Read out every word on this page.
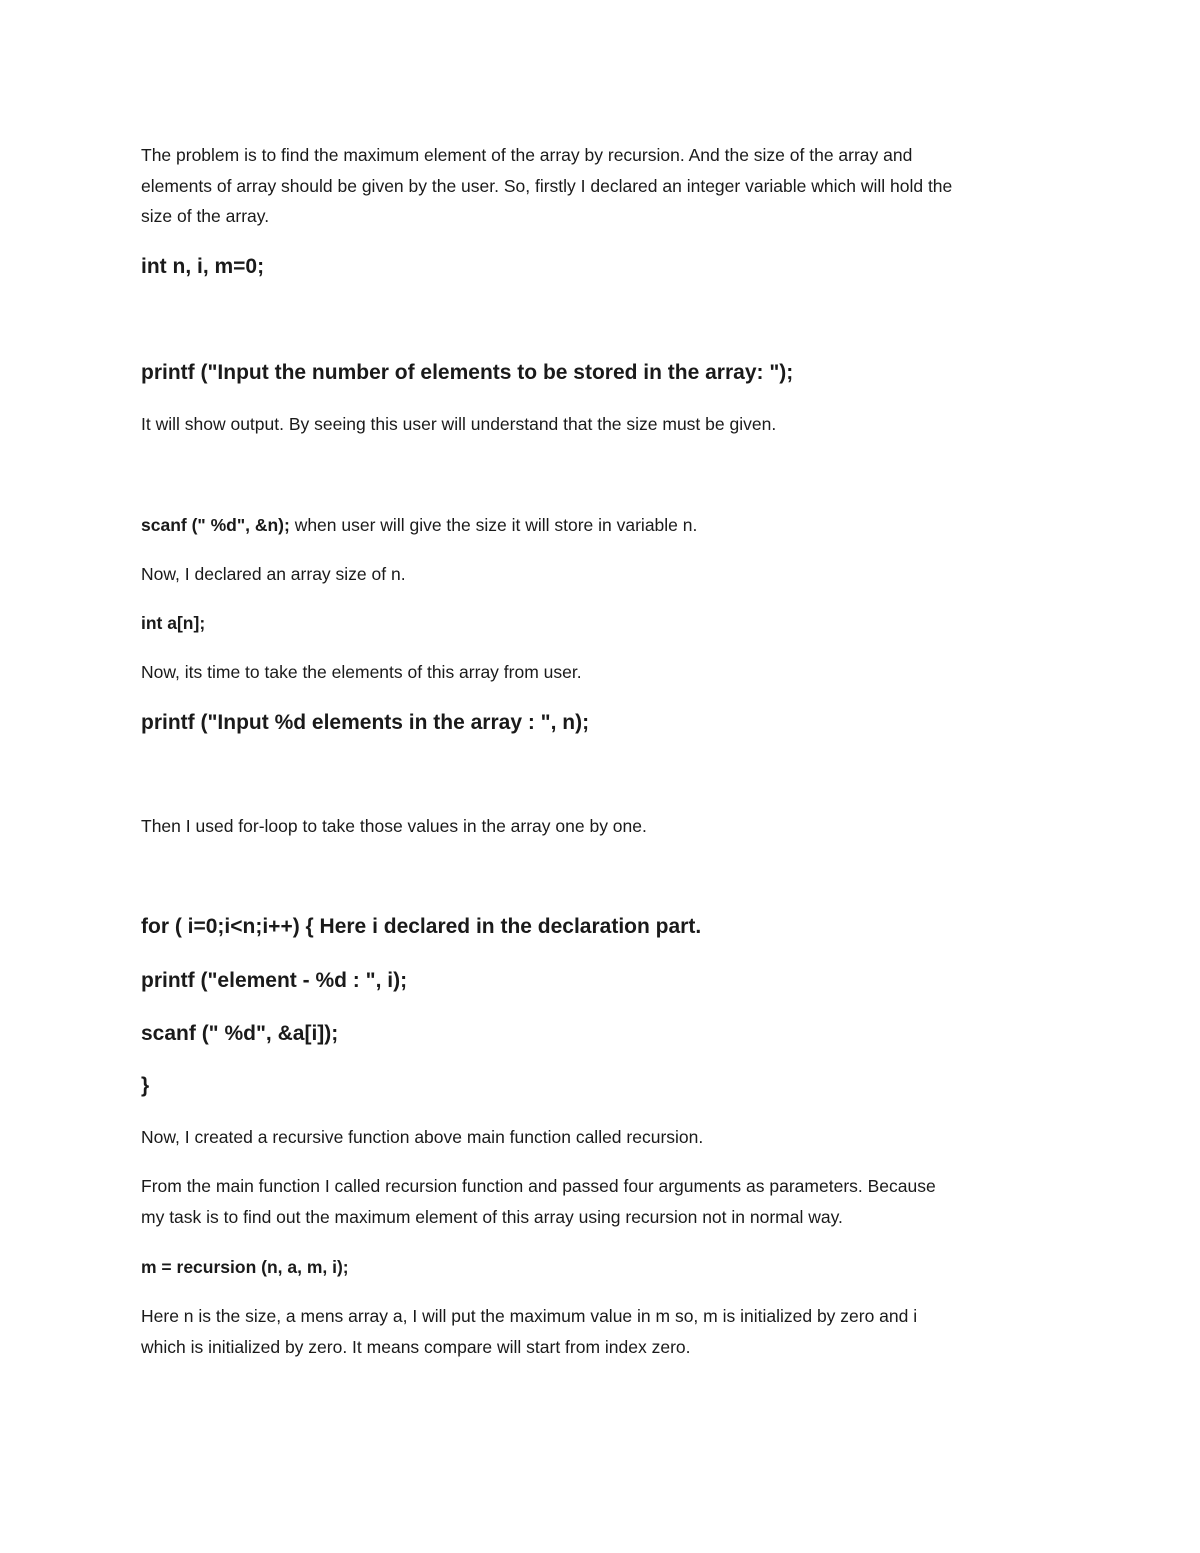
The problem is to find the maximum element of the array by recursion. And the size of the array and
elements of array should be given by the user. So, firstly I declared an integer variable which will hold the
size of the array.
int n, i, m=0;
printf ("Input the number of elements to be stored in the array: ");
It will show output. By seeing this user will understand that the size must be given.
scanf (" %d", &n); when user will give the size it will store in variable n.
Now, I declared an array size of n.
int a[n];
Now, its time to take the elements of this array from user.
printf ("Input %d elements in the array : ", n);
Then I used for-loop to take those values in the array one by one.
for ( i=0;i<n;i++) { Here i declared in the declaration part.
printf ("element - %d : ", i);
scanf (" %d", &a[i]);
}
Now, I created a recursive function above main function called recursion.
From the main function I called recursion function and passed four arguments as parameters. Because
my task is to find out the maximum element of this array using recursion not in normal way.
m = recursion (n, a, m, i);
Here n is the size, a mens array a, I will put the maximum value in m so, m is initialized by zero and i
which is initialized by zero. It means compare will start from index zero.
